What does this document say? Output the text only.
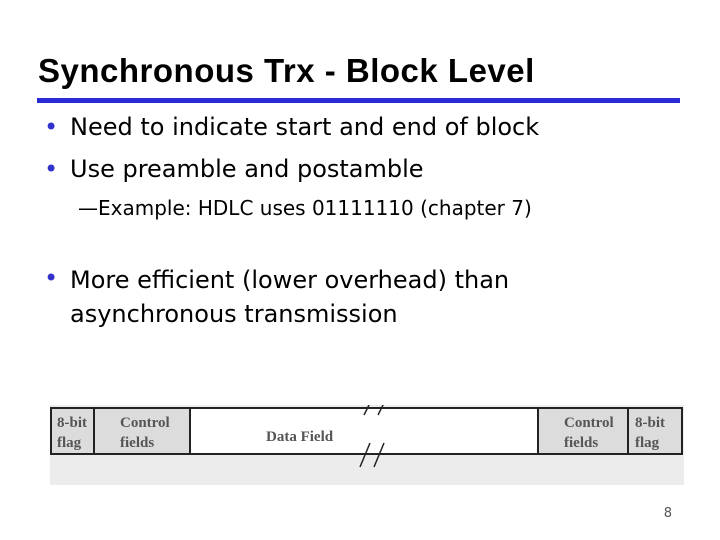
Synchronous Trx - Block Level
• Need to indicate start and end of block
• Use preamble and postamble
—Example: HDLC uses 01111110 (chapter 7)
• More efficient (lower overhead) than
asynchronous transmission
8-bit
flag
Control
fields	Data Field
Control
fields
8-bit
flag
8
